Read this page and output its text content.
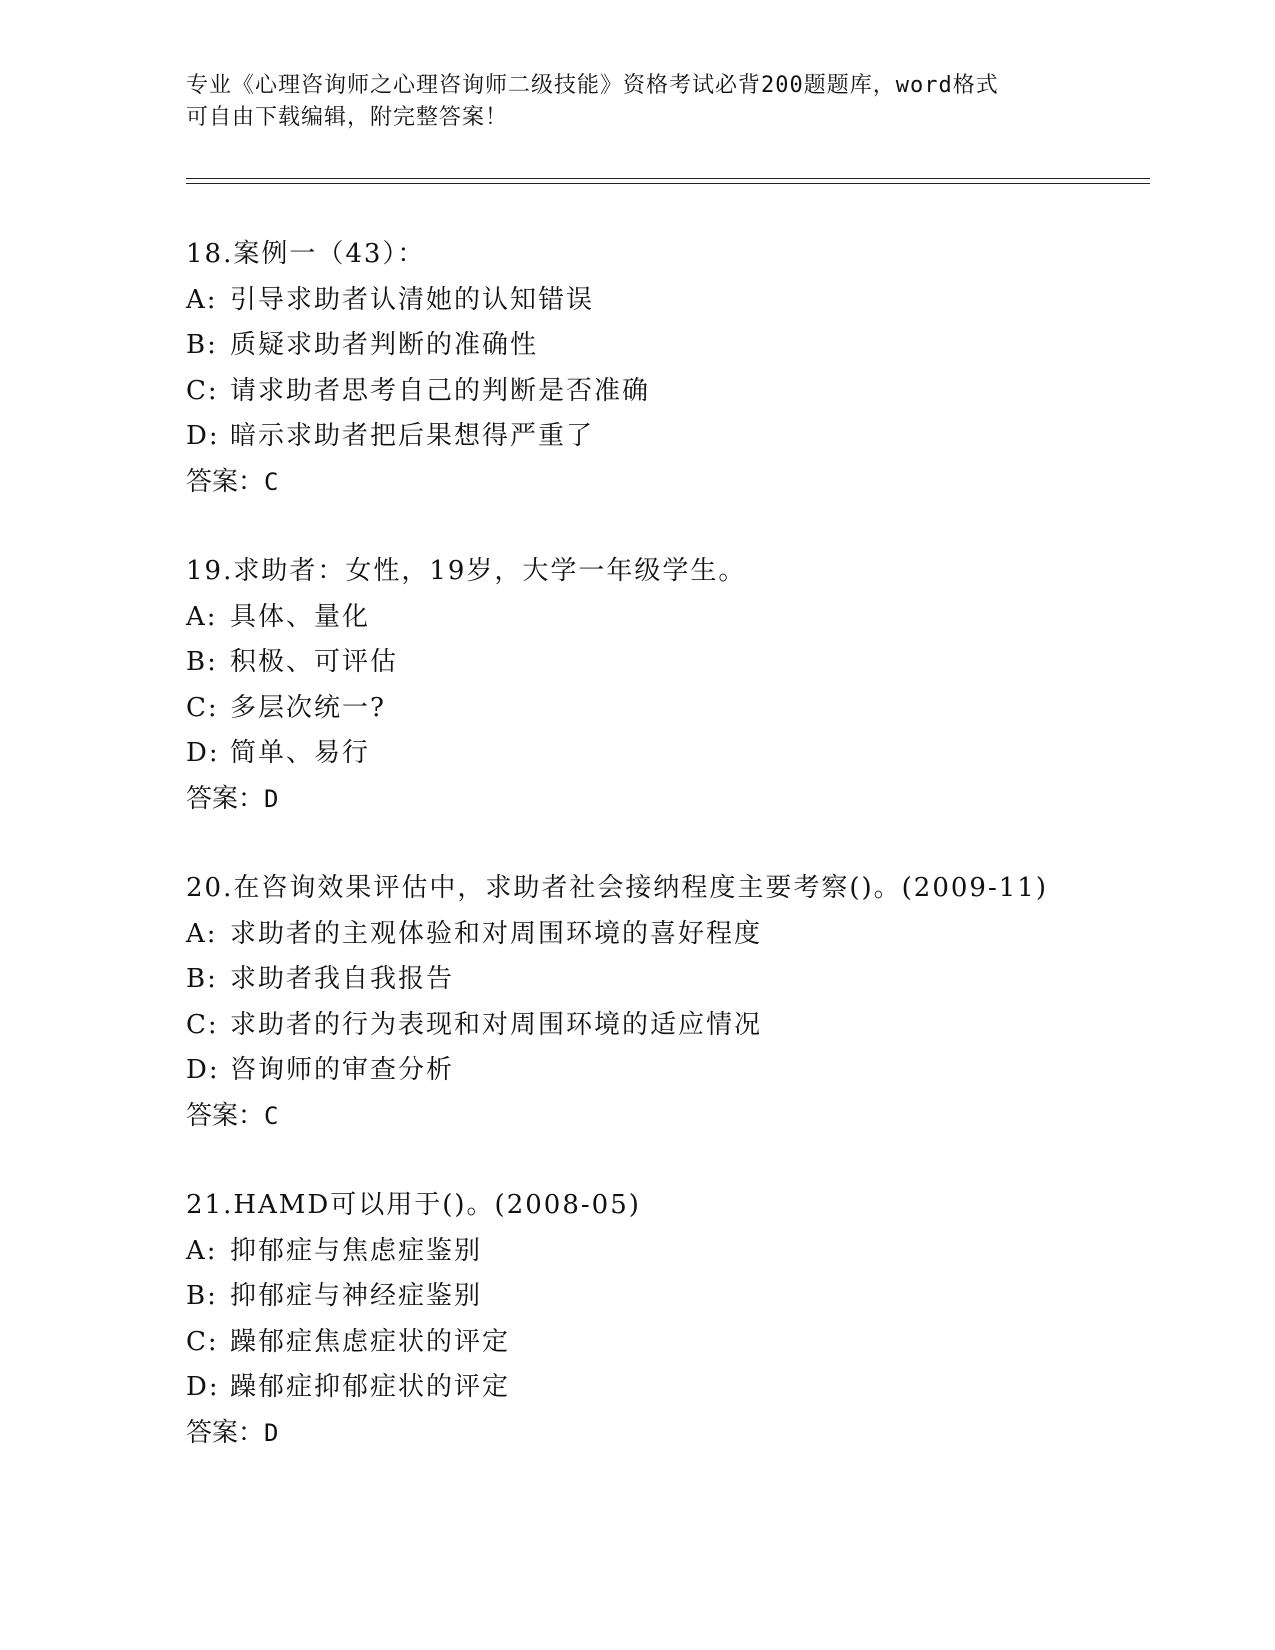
专业《心理咨询师之心理咨询师二级技能》资格考试必背200题题库，word格式
可自由下载编辑，附完整答案！
18.案例一（43）：
A: 引导求助者认清她的认知错误
B: 质疑求助者判断的准确性
C: 请求助者思考自己的判断是否准确
D: 暗示求助者把后果想得严重了
答案：C
19.求助者：女性，19岁，大学一年级学生。
A: 具体、量化
B: 积极、可评估
C: 多层次统一?
D: 简单、易行
答案：D
20.在咨询效果评估中，求助者社会接纳程度主要考察()。(2009-11)
A: 求助者的主观体验和对周围环境的喜好程度
B: 求助者我自我报告
C: 求助者的行为表现和对周围环境的适应情况
D: 咨询师的审查分析
答案：C
21.HAMD可以用于()。(2008-05)
A: 抑郁症与焦虑症鉴别
B: 抑郁症与神经症鉴别
C: 躁郁症焦虑症状的评定
D: 躁郁症抑郁症状的评定
答案：D
